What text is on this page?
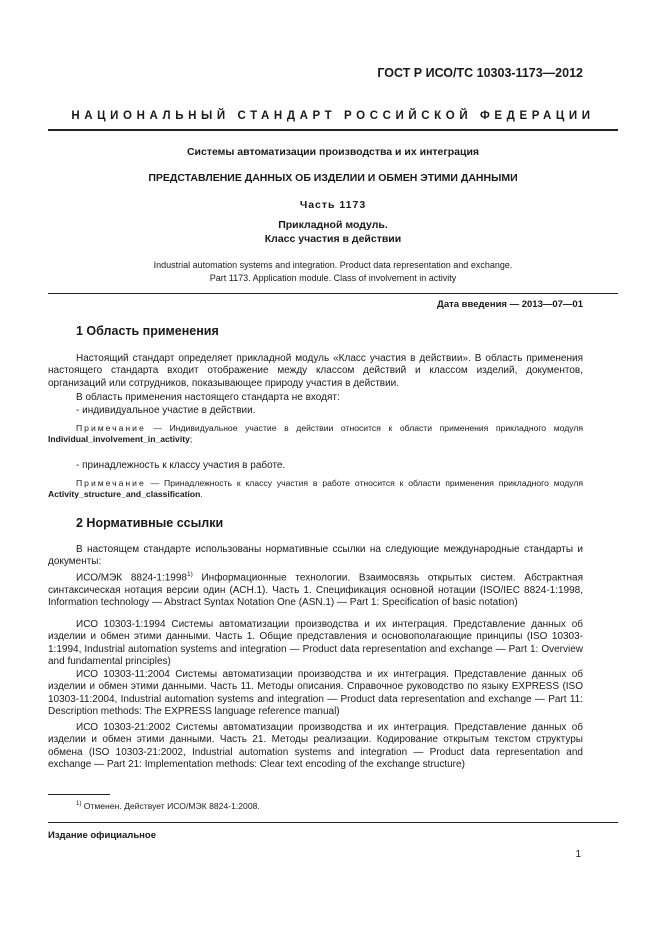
ГОСТ Р ИСО/ТС 10303-1173—2012
НАЦИОНАЛЬНЫЙ СТАНДАРТ РОССИЙСКОЙ ФЕДЕРАЦИИ
Системы автоматизации производства и их интеграция
ПРЕДСТАВЛЕНИЕ ДАННЫХ ОБ ИЗДЕЛИИ И ОБМЕН ЭТИМИ ДАННЫМИ
Часть 1173
Прикладной модуль.
Класс участия в действии
Industrial automation systems and integration. Product data representation and exchange.
Part 1173. Application module. Class of involvement in activity
Дата введения — 2013—07—01
1 Область применения
Настоящий стандарт определяет прикладной модуль «Класс участия в действии». В область применения настоящего стандарта входит отображение между классом действий и классом изделий, документов, организаций или сотрудников, показывающее природу участия в действии.
В область применения настоящего стандарта не входят:
- индивидуальное участие в действии.
Примечание — Индивидуальное участие в действии относится к области применения прикладного модуля Individual_involvement_in_activity;
- принадлежность к классу участия в работе.
Примечание — Принадлежность к классу участия в работе относится к области применения прикладного модуля Activity_structure_and_classification.
2 Нормативные ссылки
В настоящем стандарте использованы нормативные ссылки на следующие международные стандарты и документы:
ИСО/МЭК 8824-1:1998$^{1)}$ Информационные технологии. Взаимосвязь открытых систем. Абстрактная синтаксическая нотация версии один (АСН.1). Часть 1. Спецификация основной нотации (ISO/IEC 8824-1:1998, Information technology — Abstract Syntax Notation One (ASN.1) — Part 1: Specification of basic notation)
ИСО 10303-1:1994 Системы автоматизации производства и их интеграция. Представление данных об изделии и обмен этими данными. Часть 1. Общие представления и основополагающие принципы (ISO 10303-1:1994, Industrial automation systems and integration — Product data representation and exchange — Part 1: Overview and fundamental principles)
ИСО 10303-11:2004 Системы автоматизации производства и их интеграция. Представление данных об изделии и обмен этими данными. Часть 11. Методы описания. Справочное руководство по языку EXPRESS (ISO 10303-11:2004, Industrial automation systems and integration — Product data representation and exchange — Part 11: Description methods: The EXPRESS language reference manual)
ИСО 10303-21:2002 Системы автоматизации производства и их интеграция. Представление данных об изделии и обмен этими данными. Часть 21. Методы реализации. Кодирование открытым текстом структуры обмена (ISO 10303-21:2002, Industrial automation systems and integration — Product data representation and exchange — Part 21: Implementation methods: Clear text encoding of the exchange structure)
$^{1)}$ Отменен. Действует ИСО/МЭК 8824-1:2008.
Издание официальное
1
